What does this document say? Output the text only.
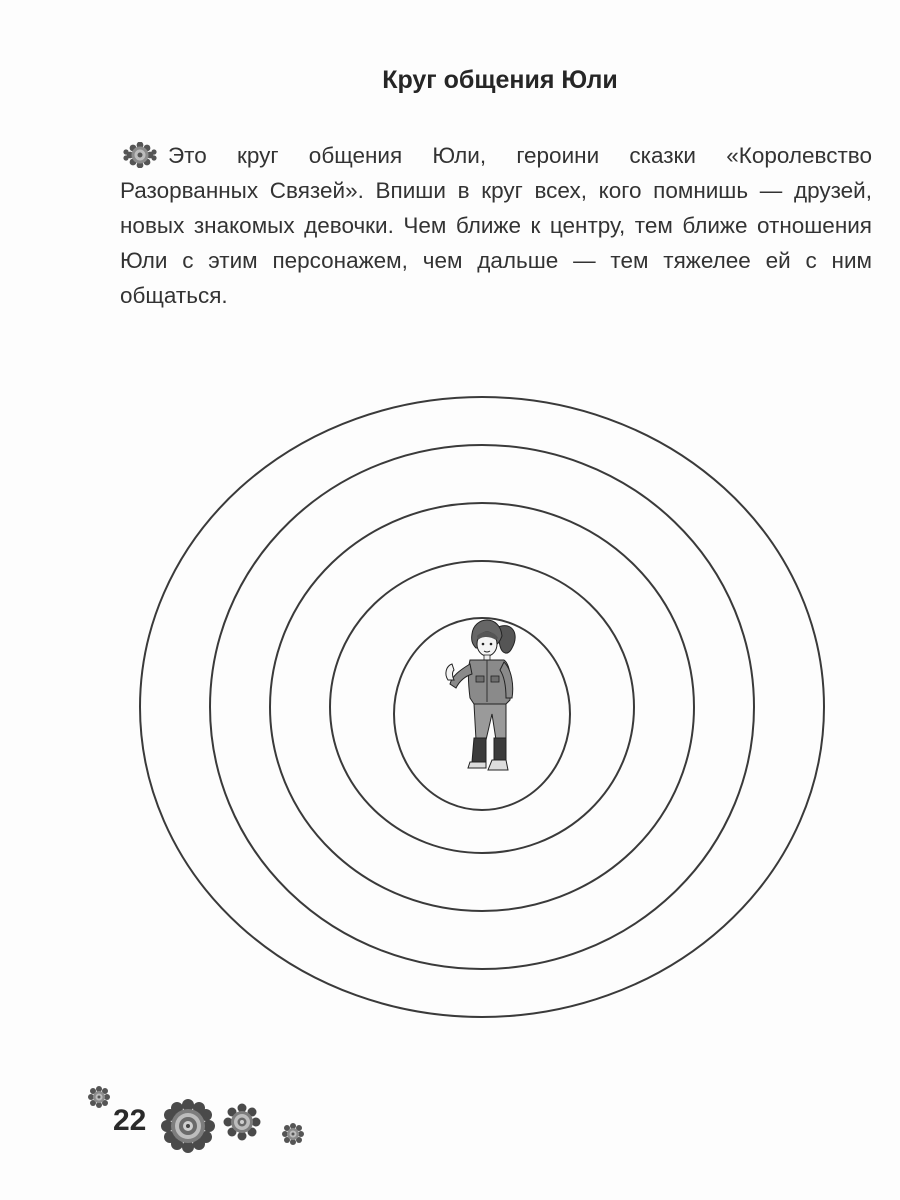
Круг общения Юли

Это круг общения Юли, героини сказки «Королевство Разорванных Связей». Впиши в круг всех, кого помнишь — друзей, новых знакомых девочки. Чем ближе к центру, тем ближе отношения Юли с этим персонажем, чем дальше — тем тяжелее ей с ним общаться.

22
